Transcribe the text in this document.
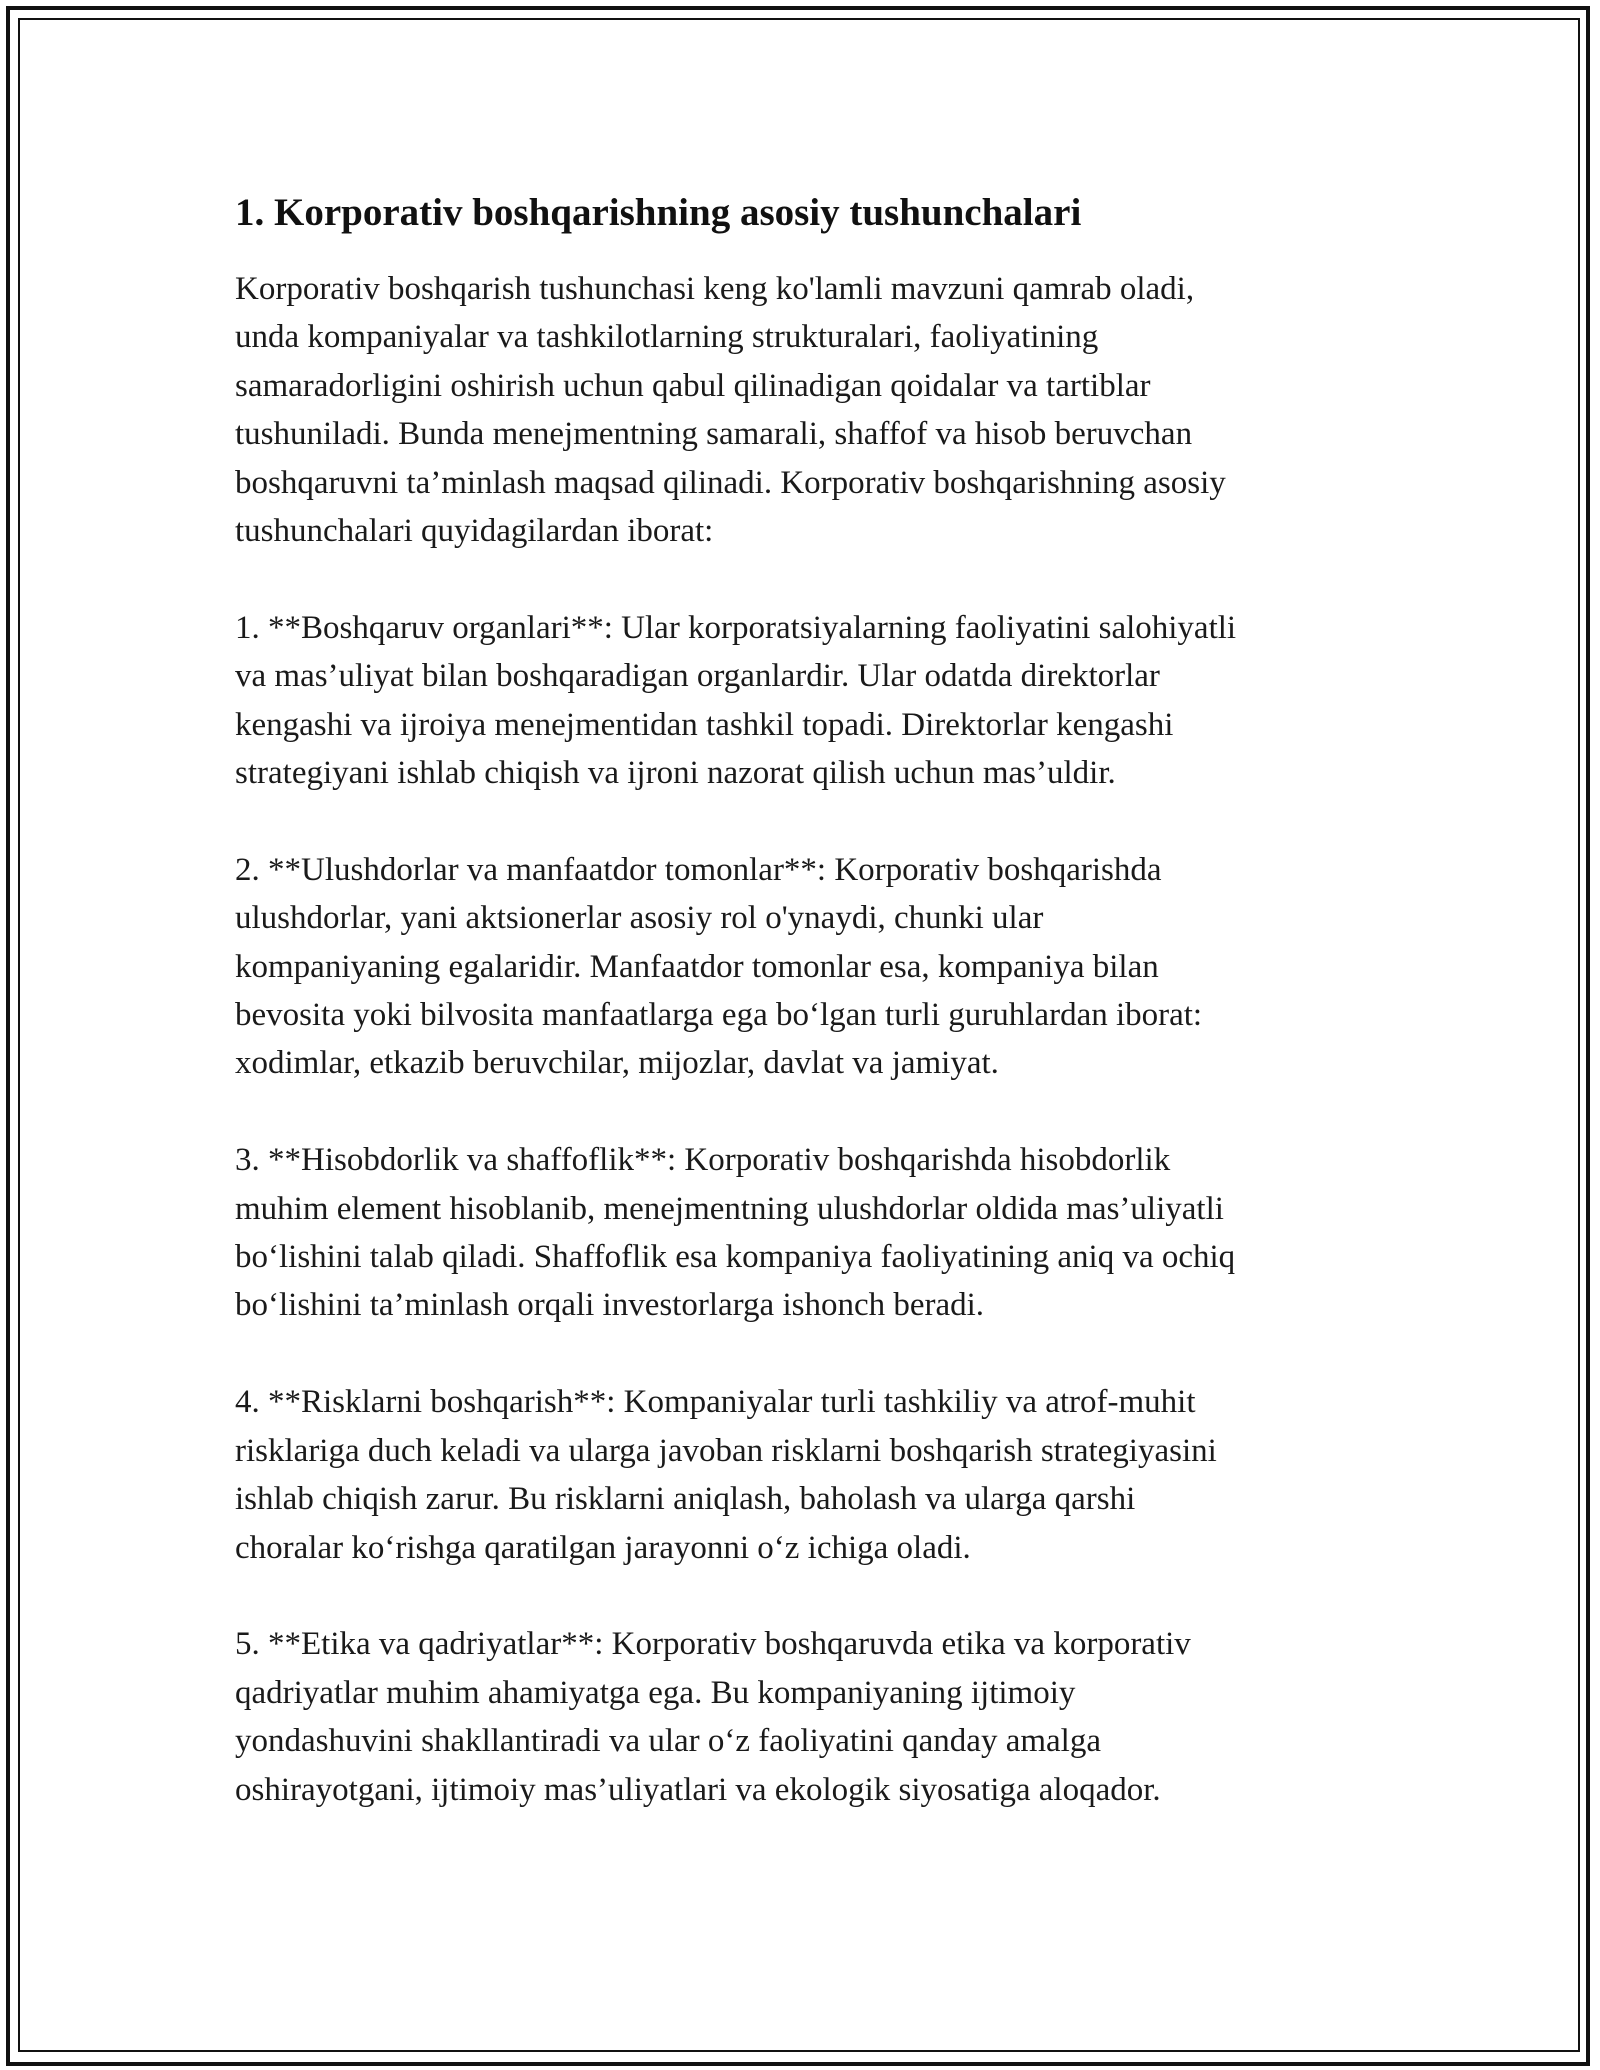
1. Korporativ boshqarishning asosiy tushunchalari

Korporativ boshqarish tushunchasi keng ko'lamli mavzuni qamrab oladi,
unda kompaniyalar va tashkilotlarning strukturalari, faoliyatining
samaradorligini oshirish uchun qabul qilinadigan qoidalar va tartiblar
tushuniladi. Bunda menejmentning samarali, shaffof va hisob beruvchan
boshqaruvni ta’minlash maqsad qilinadi. Korporativ boshqarishning asosiy
tushunchalari quyidagilardan iborat:

1. **Boshqaruv organlari**: Ular korporatsiyalarning faoliyatini salohiyatli
va mas’uliyat bilan boshqaradigan organlardir. Ular odatda direktorlar
kengashi va ijroiya menejmentidan tashkil topadi. Direktorlar kengashi
strategiyani ishlab chiqish va ijroni nazorat qilish uchun mas’uldir.

2. **Ulushdorlar va manfaatdor tomonlar**: Korporativ boshqarishda
ulushdorlar, yani aktsionerlar asosiy rol o'ynaydi, chunki ular
kompaniyaning egalaridir. Manfaatdor tomonlar esa, kompaniya bilan
bevosita yoki bilvosita manfaatlarga ega bo‘lgan turli guruhlardan iborat:
xodimlar, etkazib beruvchilar, mijozlar, davlat va jamiyat.

3. **Hisobdorlik va shaffoflik**: Korporativ boshqarishda hisobdorlik
muhim element hisoblanib, menejmentning ulushdorlar oldida mas’uliyatli
bo‘lishini talab qiladi. Shaffoflik esa kompaniya faoliyatining aniq va ochiq
bo‘lishini ta’minlash orqali investorlarga ishonch beradi.

4. **Risklarni boshqarish**: Kompaniyalar turli tashkiliy va atrof-muhit
risklariga duch keladi va ularga javoban risklarni boshqarish strategiyasini
ishlab chiqish zarur. Bu risklarni aniqlash, baholash va ularga qarshi
choralar ko‘rishga qaratilgan jarayonni o‘z ichiga oladi.

5. **Etika va qadriyatlar**: Korporativ boshqaruvda etika va korporativ
qadriyatlar muhim ahamiyatga ega. Bu kompaniyaning ijtimoiy
yondashuvini shakllantiradi va ular o‘z faoliyatini qanday amalga
oshirayotgani, ijtimoiy mas’uliyatlari va ekologik siyosatiga aloqador.
